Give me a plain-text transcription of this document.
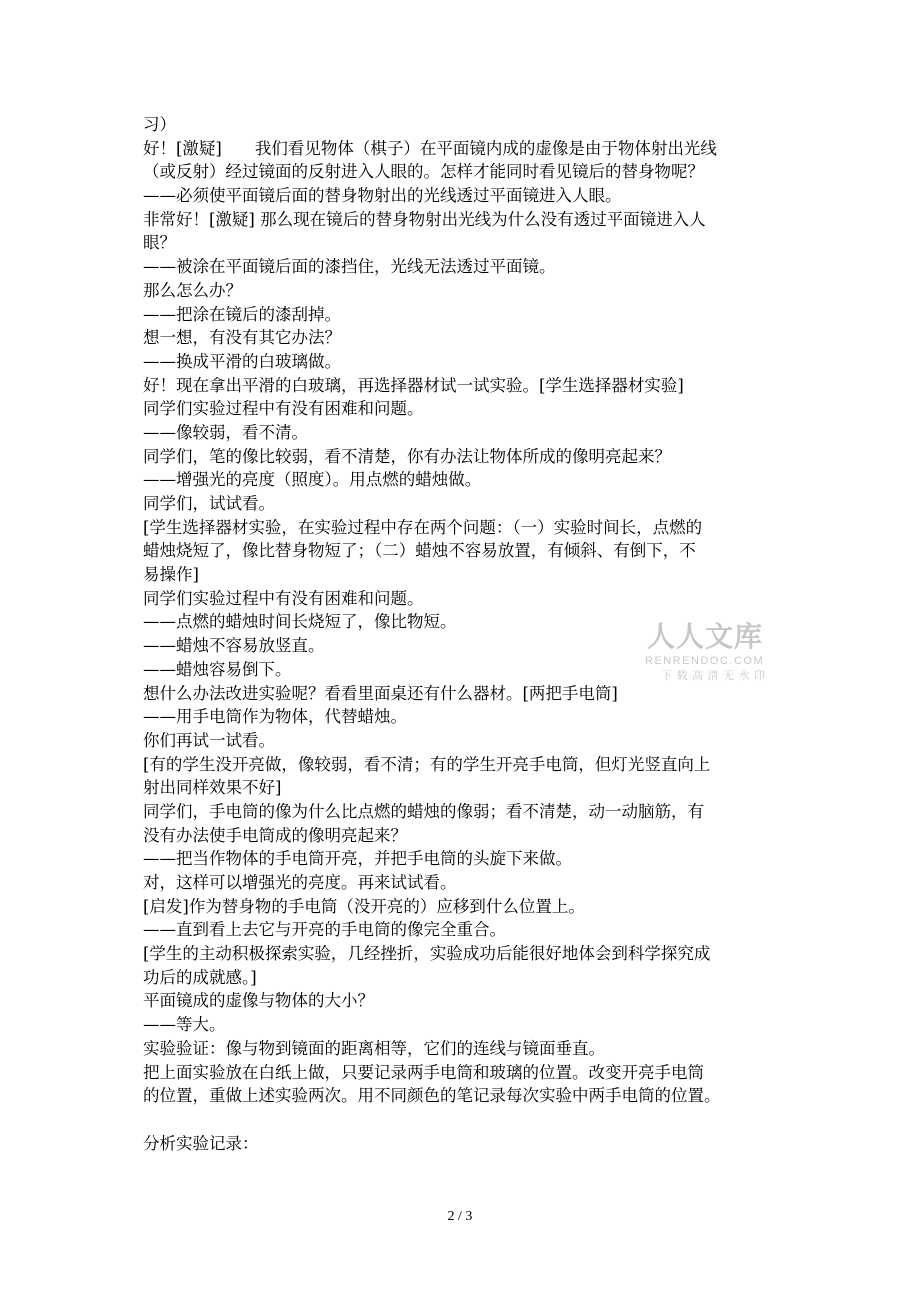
习）
好！[激疑]　　我们看见物体（棋子）在平面镜内成的虚像是由于物体射出光线
（或反射）经过镜面的反射进入人眼的。怎样才能同时看见镜后的替身物呢？
——必须使平面镜后面的替身物射出的光线透过平面镜进入人眼。
非常好！[激疑] 那么现在镜后的替身物射出光线为什么没有透过平面镜进入人
眼？
——被涂在平面镜后面的漆挡住，光线无法透过平面镜。
那么怎么办？
——把涂在镜后的漆刮掉。
想一想，有没有其它办法？
——换成平滑的白玻璃做。
好！现在拿出平滑的白玻璃，再选择器材试一试实验。[学生选择器材实验]
同学们实验过程中有没有困难和问题。
——像较弱，看不清。
同学们，笔的像比较弱，看不清楚，你有办法让物体所成的像明亮起来？
——增强光的亮度（照度）。用点燃的蜡烛做。
同学们，试试看。
[学生选择器材实验，在实验过程中存在两个问题：（一）实验时间长，点燃的
蜡烛烧短了，像比替身物短了；（二）蜡烛不容易放置，有倾斜、有倒下，不
易操作]
同学们实验过程中有没有困难和问题。
——点燃的蜡烛时间长烧短了，像比物短。
——蜡烛不容易放竖直。
——蜡烛容易倒下。
想什么办法改进实验呢？看看里面桌还有什么器材。[两把手电筒]
——用手电筒作为物体，代替蜡烛。
你们再试一试看。
[有的学生没开亮做，像较弱，看不清；有的学生开亮手电筒，但灯光竖直向上
射出同样效果不好]
同学们，手电筒的像为什么比点燃的蜡烛的像弱；看不清楚，动一动脑筋，有
没有办法使手电筒成的像明亮起来？
——把当作物体的手电筒开亮，并把手电筒的头旋下来做。
对，这样可以增强光的亮度。再来试试看。
[启发]作为替身物的手电筒（没开亮的）应移到什么位置上。
——直到看上去它与开亮的手电筒的像完全重合。
[学生的主动积极探索实验，几经挫折，实验成功后能很好地体会到科学探究成
功后的成就感。]
平面镜成的虚像与物体的大小？
——等大。
实验验证：像与物到镜面的距离相等，它们的连线与镜面垂直。
把上面实验放在白纸上做，只要记录两手电筒和玻璃的位置。改变开亮手电筒
的位置，重做上述实验两次。用不同颜色的笔记录每次实验中两手电筒的位置。
分析实验记录：
人人文库
RENRENDOC.COM
下载高清无水印
2 / 3
